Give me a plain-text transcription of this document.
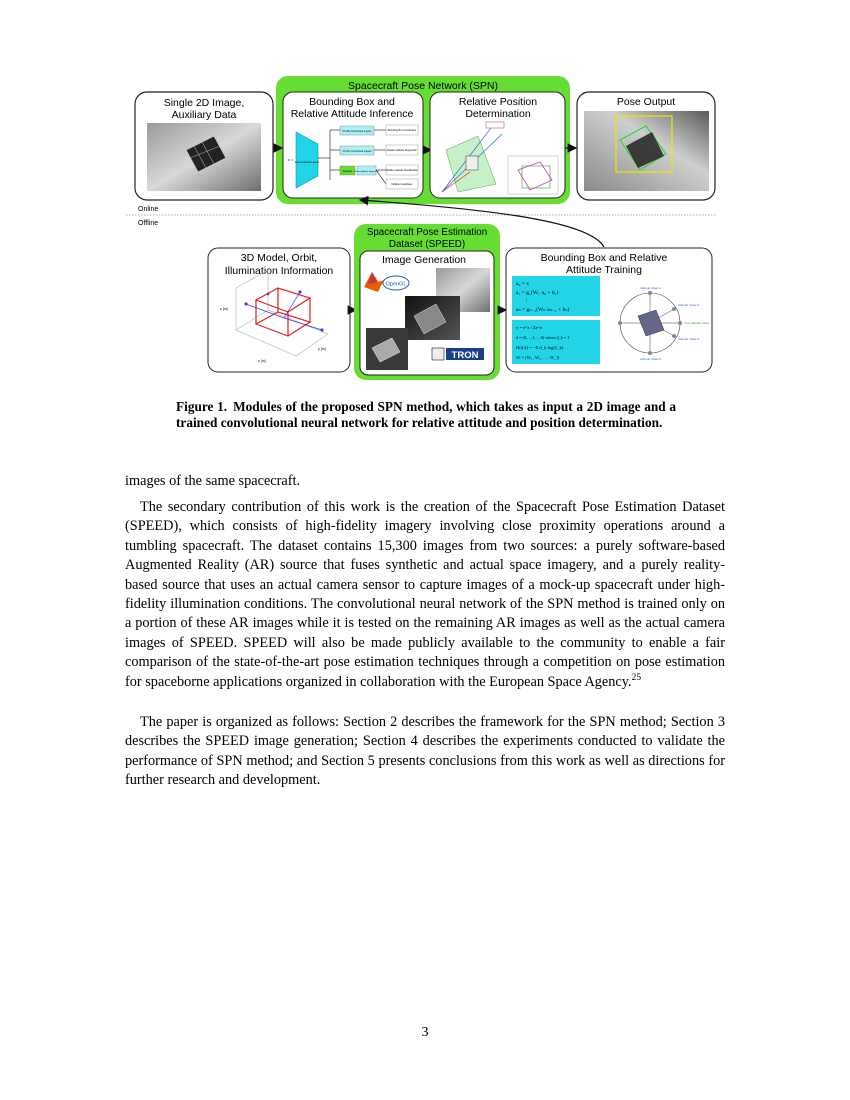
Spacecraft Pose Network (SPN)
Single 2D Image,
Auxiliary Data
Bounding Box and
Relative Attitude Inference
Convolutional Layers
x =
5 Fully Connected Layers
3 Fully Connected Layers
Softmax Relative Attitude Regression
Bounding Box Coordinates
Relative Attitude Regression
Relative Attitude Classification
Multiple Candidates
Relative Position
Determination
Pose Output
Online
Offline
3D Model, Orbit,
Illumination Information
x [m]
y [m]
z [m]
Spacecraft Pose Estimation
Dataset (SPEED)
Image Generation
OpenGL
TRON
Bounding Box and Relative
Attitude Training
a₀ = x
a₁ = g₁(W₁·a₀ + b₁)
⋮
aₙ = gₙ₋₁(Wₙ·aₙ₋₁ + bₙ)
y = e^z / Σe^z
d = (0,…,1,…,0) where d_k = 1
H(d,ŷ) = −Σ d_k log(ŷ_k)
W = [W₁, W₂, …, W_l]
Attitude Class 1
Attitude Class 2
True Attitude Class
Attitude Class 3
Attitude Class 4
Figure 1. Modules of the proposed SPN method, which takes as input a 2D image and a trained convolutional neural network for relative attitude and position determination.

images of the same spacecraft.

The secondary contribution of this work is the creation of the Spacecraft Pose Estimation Dataset (SPEED), which consists of high-fidelity imagery involving close proximity operations around a tumbling spacecraft. The dataset contains 15,300 images from two sources: a purely software-based Augmented Reality (AR) source that fuses synthetic and actual space imagery, and a purely reality-based source that uses an actual camera sensor to capture images of a mock-up spacecraft under high-fidelity illumination conditions. The convolutional neural network of the SPN method is trained only on a portion of these AR images while it is tested on the remaining AR images as well as the actual camera images of SPEED. SPEED will also be made publicly available to the community to enable a fair comparison of the state-of-the-art pose estimation techniques through a competition on pose estimation for spaceborne applications organized in collaboration with the European Space Agency.$^{25}$

The paper is organized as follows: Section 2 describes the framework for the SPN method; Section 3 describes the SPEED image generation; Section 4 describes the experiments conducted to validate the performance of SPN method; and Section 5 presents conclusions from this work as well as directions for further research and development.

3
